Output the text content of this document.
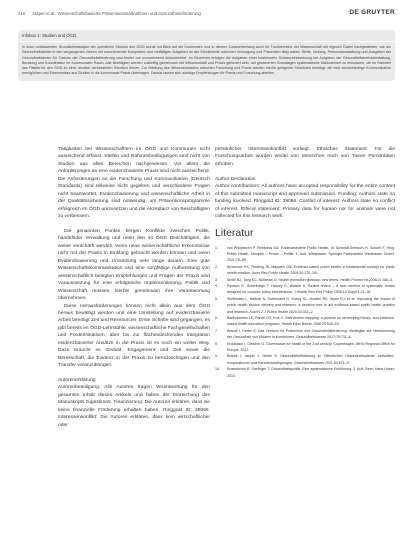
210 Jasper et al.: Wissenschaftsbasierte Präventionsmaßnahmen und Gesundheitsförderung	DE GRUYTER
Infobox 1: Studien und ÖGD.
In einer umfassenden Grundlinienanalyse der operativen Struktur des ÖGD wurde mit Blick auf die Kommunen und in diesem Zusammenhang auch für Fachbereiche der Wissenschaft mit eigenen Daten nachgewiesen, wie die Gesundheitsämter in den vergangenen Jahren mit ausreichender Kompetenz und vielfältigen Aufgaben an der Schnittstelle zwischen Versorgung und Prävention tätig waren. Stelle, Umfang, Personalausstattung und Ausgaben der Gesundheitsämter für Zwecke der Gesundheitsförderung sind bisher nur unzureichend dokumentiert. Im Einzelnen erfolgen die Aufgaben einer bestimmten Schwerpunktsetzung bei Aufgaben der Gesundheitsberichterstattung, Beratung und Koordination im Kommunalen Raum. Alle Beteiligten werden zukünftig gemeinsam mit Wissenschaft und Praxis gefordert sein, auf gesicherten Grundlagen systematische Maßnahmen zu entwickeln, die im Rahmen des Paktes für den ÖGD zu einer deutlich verbesserten Situation führen. Zur Stärkung des Wissenstransfers zwischen Forschung und Praxis werden hierfür geeignete Strukturen benötigt, die eine wechselseitige Kommunikation ermöglichen und Erkenntnisse aus Studien in die kommunale Praxis übertragen. Daraus lassen sich wichtige Empfehlungen für Praxis und Forschung ableiten.

Tätigkeiten bei Wissenschaftlern im ÖGD und Kommunen nicht ausreichend erfasst. Stellen und Rahmenbedingungen sind nicht von Studien aus allen Bereichen nachgewiesen. Vor allem die Anforderungen an eine evidenzbasierte Praxis sind nicht ausreichend. Die Anforderungen an die Forschung und Kommunikation (Deutsch Standards) sind teilweise nicht gegeben und verschiedene Fragen nicht beantwortet. Evidenzbasierung und wissenschaftliche Arbeit in der Qualitätssicherung sind notwendig, um Präventionsprogramme erfolgreich im ÖGD umzusetzen und die Akzeptanz von Beschäftigten zu verbessern.

Die genannten Punkte bergen Konflikte zwischen Politik, handelnder Verwaltung und unter den im ÖGD Beschäftigten, die weiter verschärft werden, wenn neue wissenschaftliche Erkenntnisse nicht mit der Praxis in Einklang gebracht werden können und wenn Evidenzbasierung und Umsetzung sehr lange dauern. Eine gute Wissenschaftskommunikation und eine sorgfältige Aufbereitung von wissenschaftlich belegten Empfehlungen und Fragen der Praxis sind Voraussetzung für eine erfolgreiche Implementierung. Politik und Wissenschaft müssen hierbei gemeinsam ihre Verantwortung übernehmen.

Diese Herausforderungen können nicht allein aus dem ÖGD heraus bewältigt werden und eine Umstellung auf evidenzbasierte Arbeit benötigt Zeit und Ressourcen. Erste Schritte sind gegangen, es gibt bereits im ÖGD-Lehrstühle, wissenschaftliche Fachgesellschaften und Förderinitiativen, aber bis zur flächendeckenden Integration evidenzbasierter Ansätze in die Praxis ist es noch ein weiter Weg. Dazu braucht es Geduld, Engagement und Zeit sowie die Bereitschaft, die Evidenz in der Praxis zu berücksichtigen und den Transfer voranzubringen.

Autorenerklärung

Autorenbeteiligung: Alle Autoren tragen Verantwortung für den gesamten Inhalt dieses Artikels und haben der Einreichung des Manuskripts zugestimmt. Finanzierung: Die Autoren erklären, dass sie keine finanzielle Förderung erhalten haben. Ringgold ID: 39066. Interessenkonflikt: Die Autoren erklären, dass kein wirtschaftlicher oder

persönlicher Interessenkonflikt vorliegt. Ethisches Statement: Für die Forschungsarbeit wurden weder von Menschen noch von Tieren Primärdaten erhoben.

Author Declaration

Author contributions: All authors have accepted responsibility for the entire content of this submitted manuscript and approved submission. Funding: Authors state no funding involved. Ringgold ID: 39066. Conflict of interest: Authors state no conflict of interest. Ethical statement: Primary data for human nor for animals were not collected for this research work.

Literatur
1.	von Philipsborn P, Rehfuess EA. Evidenzbasierte Public Health. In: Schmidt-Semisch H, Schorb F, Hrsg. Public Health. Disziplin – Praxis – Politik. 1. Aufl. Wiesbaden: Springer Fachmedien Wiesbaden GmbH; 2021:75–89.
2.	Brownson RC, Fielding JE, Maylahn CM. Evidence-based public health: a fundamental concept for public health practice. Annu Rev Public Health 2009;30:175–201.
3.	Smith BJ, Tang KC, Nutbeam D. Health promotion glossary: new terms. Health Promot Int 2006;21:340–5.
4.	Pawson R, Greenhalgh T, Harvey G, Walshe K. Realist review – a new method of systematic review designed for complex policy interventions. J Health Serv Res Policy 2005;10 Suppl 1:21–34.
5.	Wolfenden L, Nathan N, Sutherland R, Yoong SL, Hodder RK, Wyse RJ, et al. Improving the impact of public health service delivery and research: a decision tree to aid evidence-based public health practice and research. Aust N Z J Public Health 2020;44:331–2.
6.	Bartholomew LK, Parcel GS, Kok G. Intervention mapping: a process for developing theory- and evidence-based health education programs. Health Educ Behav 1998;25:545–63.
7.	Brandt I, Hertel S. Das Zentrum für Prävention und Gesundheitsförderung: Strategien zur Verbesserung der Gesundheit von Kindern in Kommunen. Gesundheitswesen 2017;79:711–6.
8.	Kickbusch I, Gleicher D. Governance for health in the 21st century. Copenhagen: WHO Regional Office for Europe; 2012.
9.	Brandt I, Jasper J, Hertel S. Gesundheitsförderung im Öffentlichen Gesundheitsdienst: Aktivitäten, Kooperationen und Rahmenbedingungen. Gesundheitswesen 2021;83:671–9.
10. Rosenbrock R, Gerlinger T. Gesundheitspolitik. Eine systematische Einführung. 3. Aufl. Bern: Hans Huber; 2014.
